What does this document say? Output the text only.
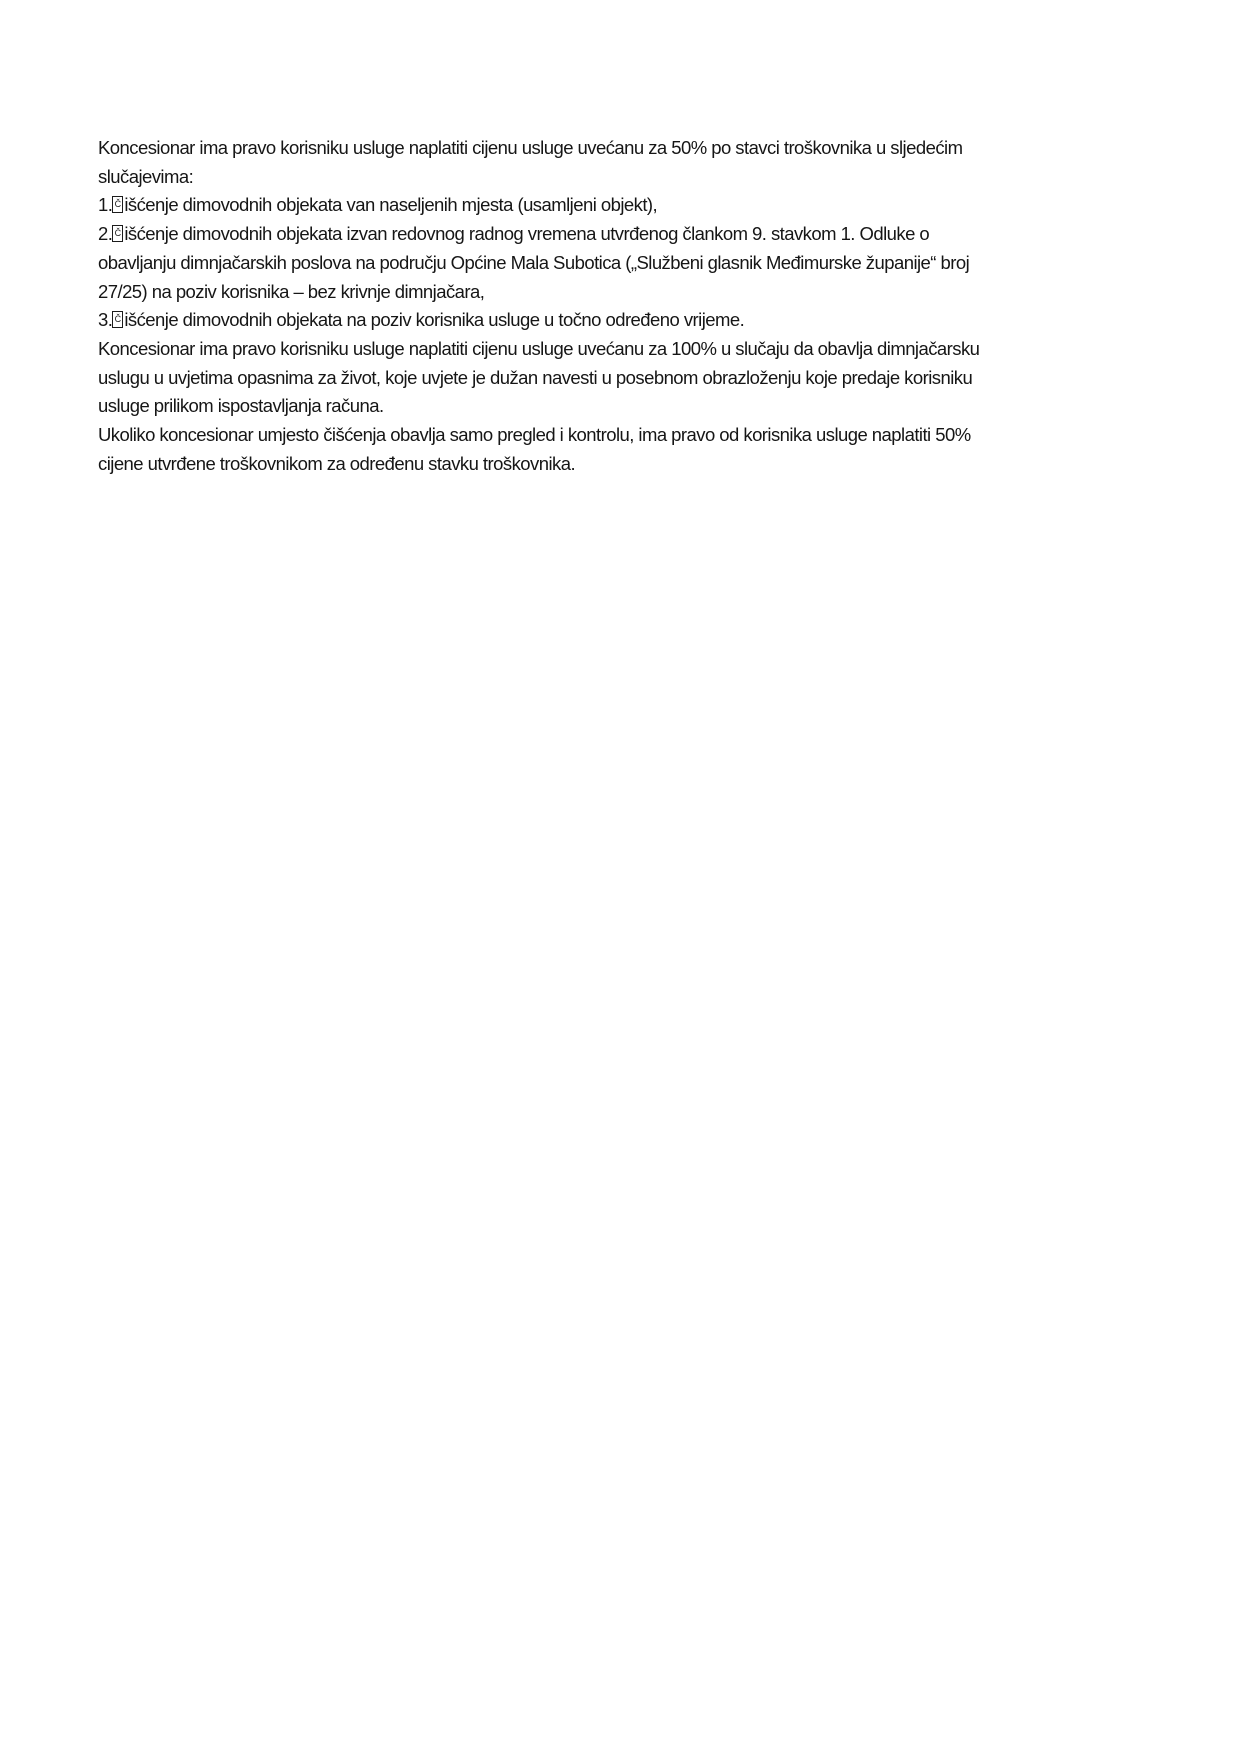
Koncesionar ima pravo korisniku usluge naplatiti cijenu usluge uvećanu za 50% po stavci troškovnika u sljedećim
slučajevima:
1. Č išćenje dimovodnih objekata van naseljenih mjesta (usamljeni objekt),
2. Č išćenje dimovodnih objekata izvan redovnog radnog vremena utvrđenog člankom 9. stavkom 1. Odluke o
obavljanju dimnjačarskih poslova na području Općine Mala Subotica („Službeni glasnik Međimurske županije“ broj
27/25) na poziv korisnika – bez krivnje dimnjačara,
3. Č išćenje dimovodnih objekata na poziv korisnika usluge u točno određeno vrijeme.
Koncesionar ima pravo korisniku usluge naplatiti cijenu usluge uvećanu za 100% u slučaju da obavlja dimnjačarsku
uslugu u uvjetima opasnima za život, koje uvjete je dužan navesti u posebnom obrazloženju koje predaje korisniku
usluge prilikom ispostavljanja računa.
Ukoliko koncesionar umjesto čišćenja obavlja samo pregled i kontrolu, ima pravo od korisnika usluge naplatiti 50%
cijene utvrđene troškovnikom za određenu stavku troškovnika.
